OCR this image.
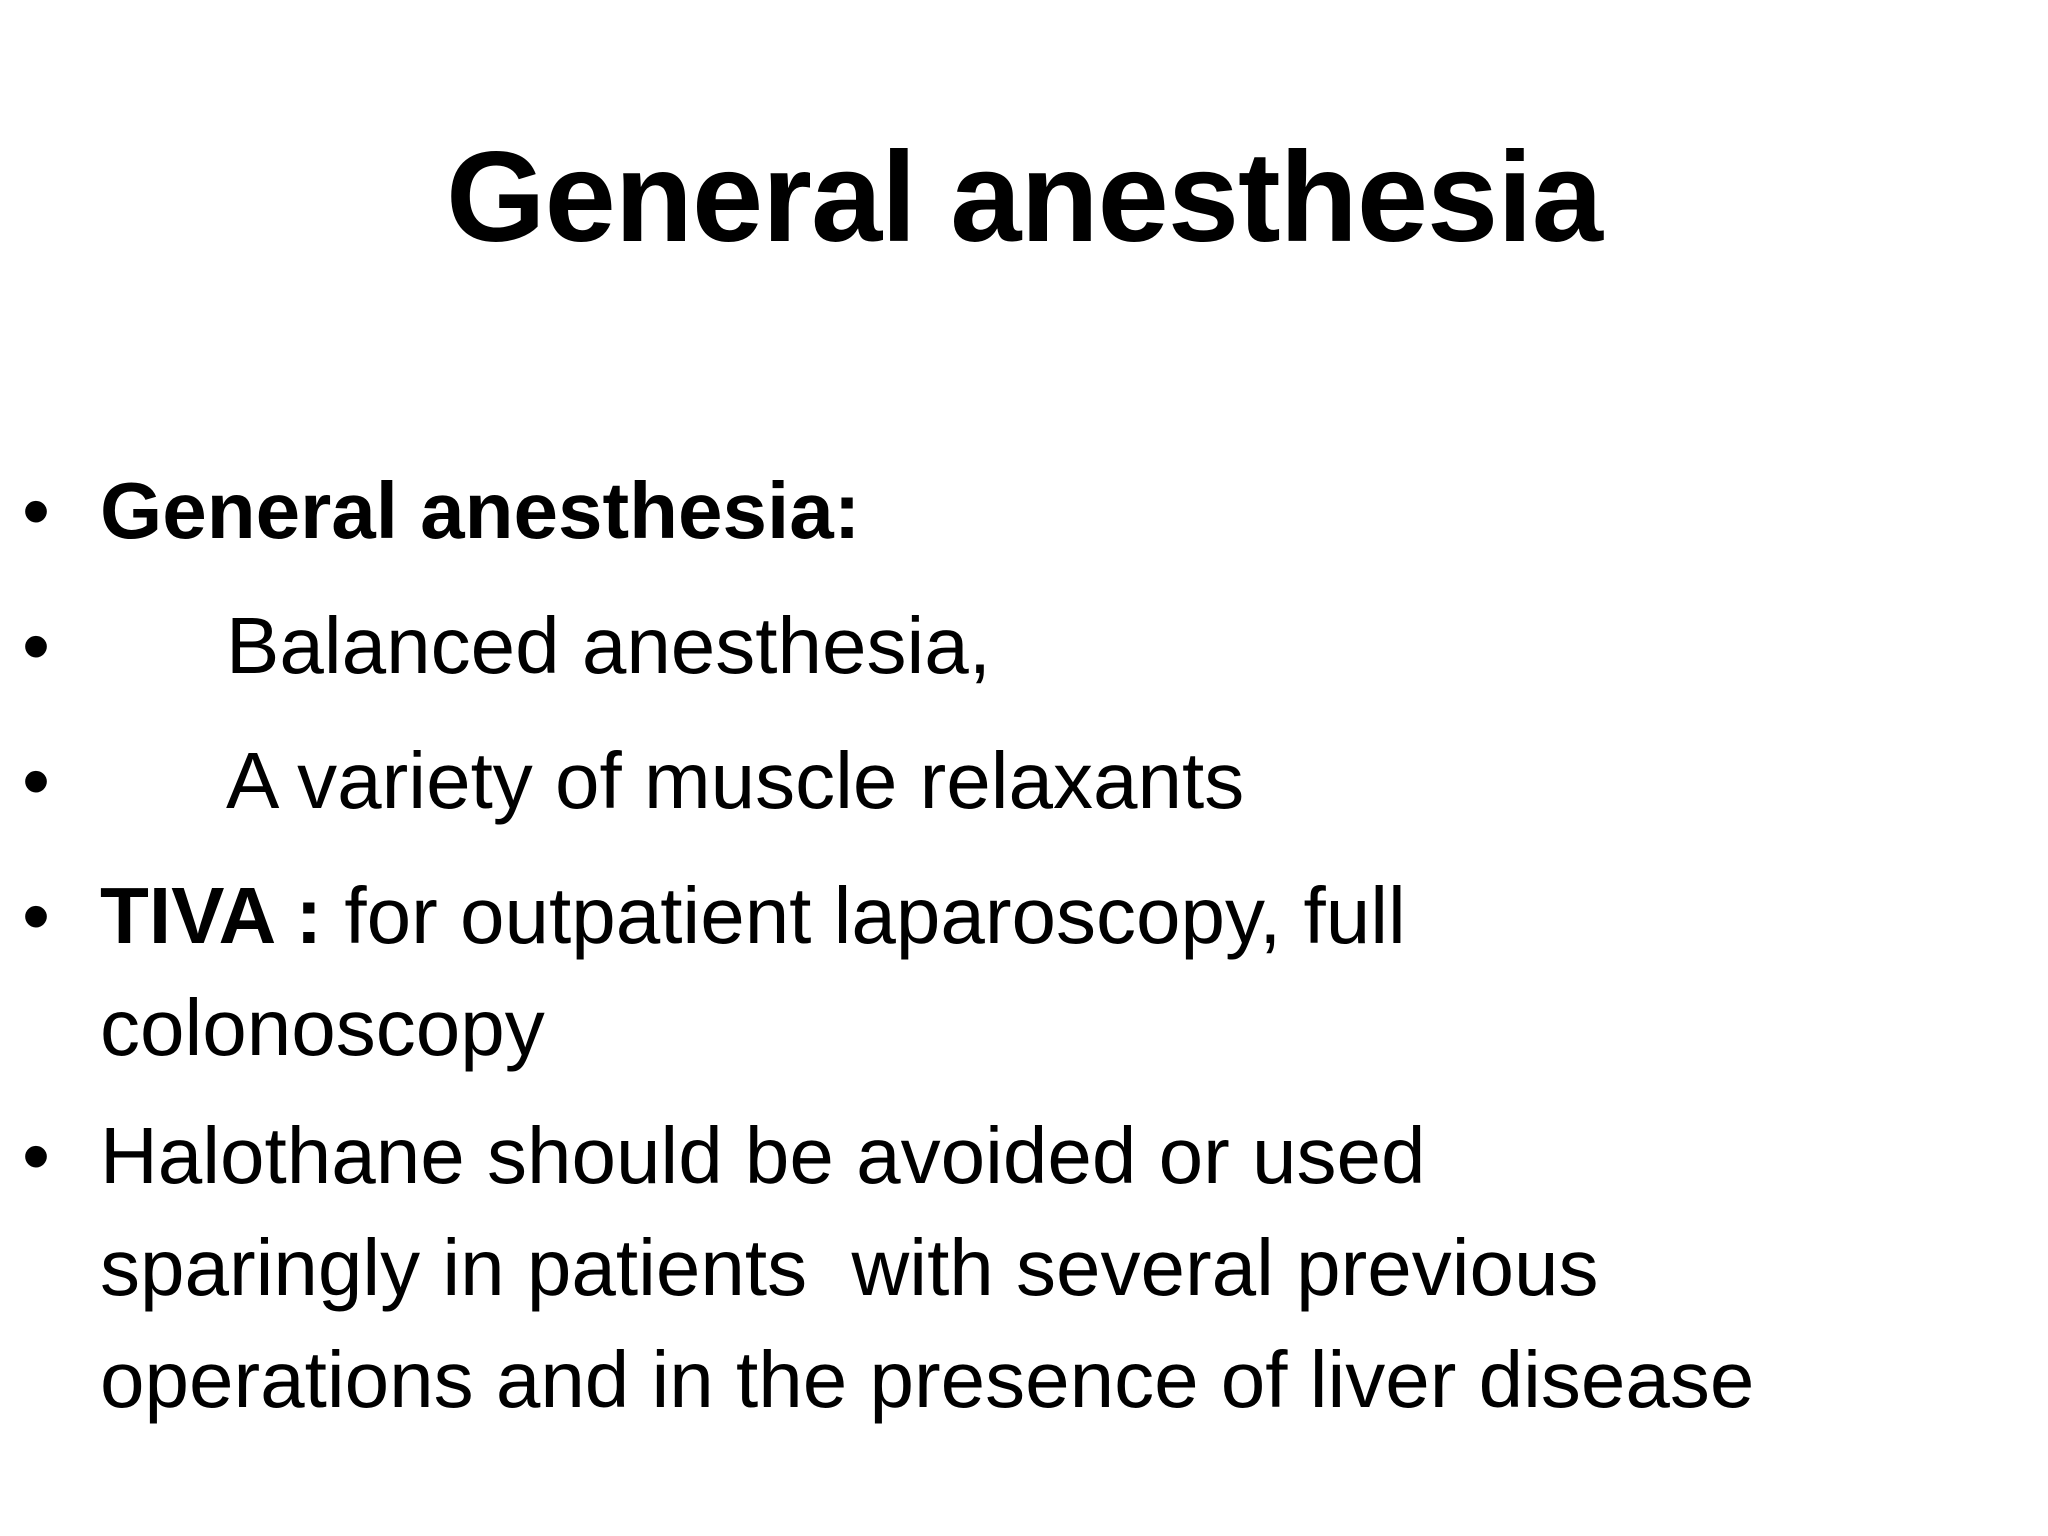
General anesthesia
• General anesthesia:
• Balanced anesthesia,
• A variety of muscle relaxants
• TIVA : for outpatient laparoscopy, full
colonoscopy
• Halothane should be avoided or used
sparingly in patients  with several previous
operations and in the presence of liver disease
